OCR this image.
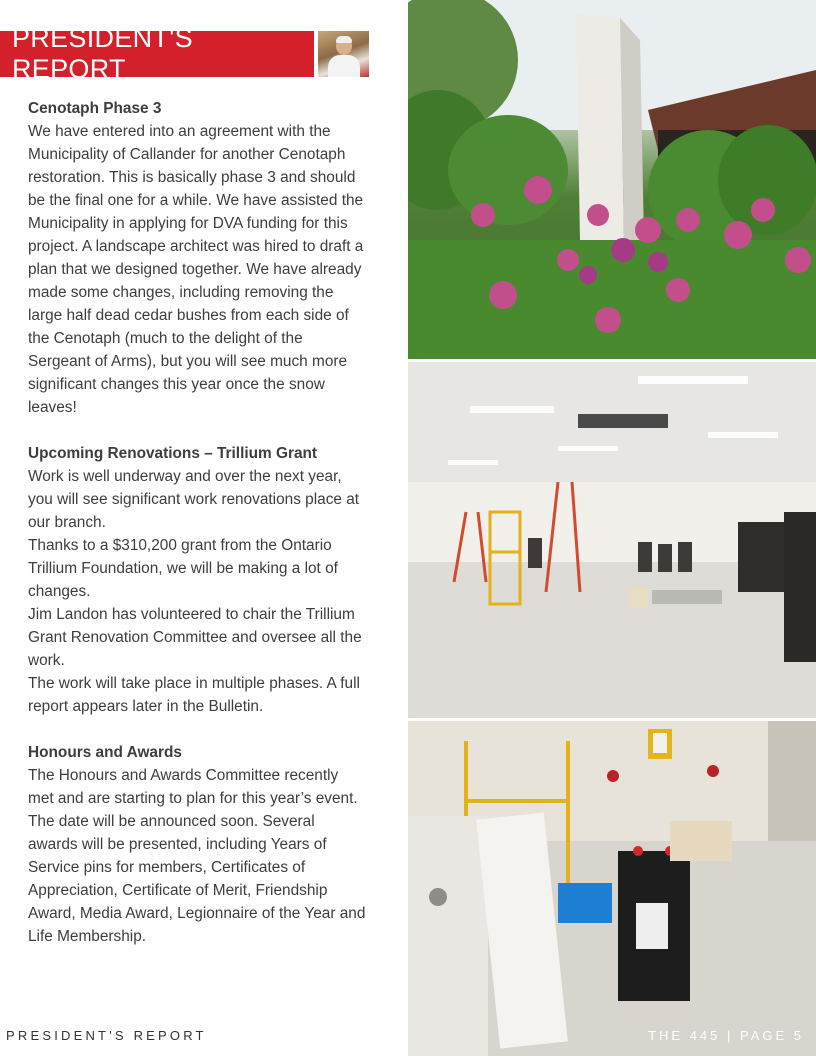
PRESIDENT'S REPORT

Cenotaph Phase 3

We have entered into an agreement with the Municipality of Callander for another Cenotaph restoration. This is basically phase 3 and should be the final one for a while. We have assisted the Municipality in applying for DVA funding for this project. A landscape architect was hired to draft a plan that we designed together. We have already made some changes, including removing the large half dead cedar bushes from each side of the Cenotaph (much to the delight of the Sergeant of Arms), but you will see much more significant changes this year once the snow leaves!

Upcoming Renovations – Trillium Grant

Work is well underway and over the next year, you will see significant work renovations place at our branch.

Thanks to a $310,200 grant from the Ontario Trillium Foundation, we will be making a lot of changes.

Jim Landon has volunteered to chair the Trillium Grant Renovation Committee and oversee all the work.

The work will take place in multiple phases. A full report appears later in the Bulletin.

Honours and Awards

The Honours and Awards Committee recently met and are starting to plan for this year’s event. The date will be announced soon. Several awards will be presented, including Years of Service pins for members, Certificates of Appreciation, Certificate of Merit, Friendship Award, Media Award, Legionnaire of the Year and Life Membership.

PRESIDENT'S REPORT	THE 445 | PAGE 5
